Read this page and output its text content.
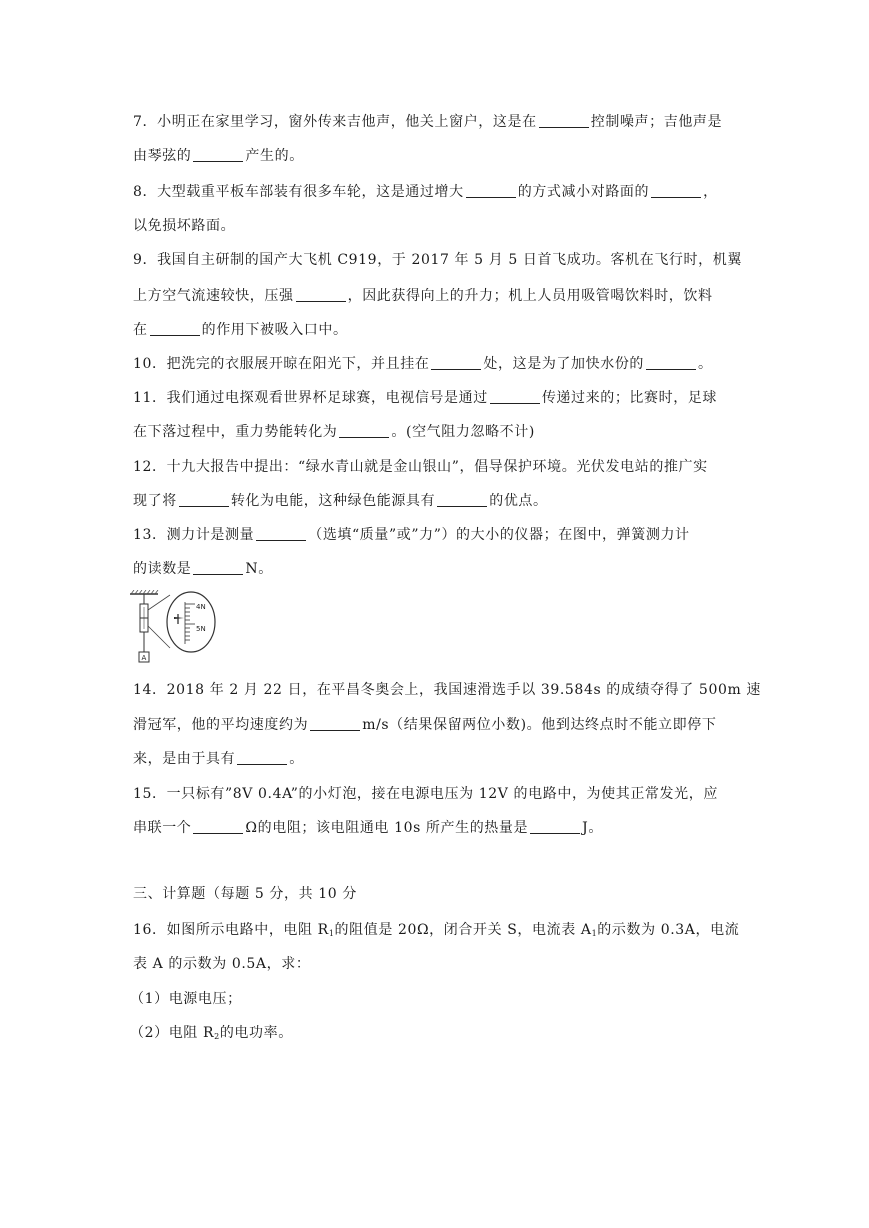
7．小明正在家里学习，窗外传来吉他声，他关上窗户，这是在	控制噪声；吉他声是
由琴弦的	产生的。
8．大型载重平板车部装有很多车轮，这是通过增大	的方式减小对路面的	，
以免损坏路面。
9．我国自主研制的国产大飞机 C919，于 2017 年 5 月 5 日首飞成功。客机在飞行时，机翼
上方空气流速较快，压强	，因此获得向上的升力；机上人员用吸管喝饮料时，饮料
在	的作用下被吸入口中。
10．把洗完的衣服展开晾在阳光下，并且挂在	处，这是为了加快水份的	。
11．我们通过电探观看世界杯足球赛，电视信号是通过	传递过来的；比赛时，足球
在下落过程中，重力势能转化为	。(空气阻力忽略不计)
12．十九大报告中提出：“绿水青山就是金山银山”，倡导保护环境。光伏发电站的推广实
现了将	转化为电能，这种绿色能源具有	的优点。
13．测力计是测量	（选填“质量”或”力”）的大小的仪器；在图中，弹簧测力计
的读数是	N。
4N
5N
A
14．2018 年 2 月 22 日，在平昌冬奥会上，我国速滑选手以 39.584s 的成绩夺得了 500m 速
滑冠军，他的平均速度约为	m/s（结果保留两位小数)。他到达终点时不能立即停下
来，是由于具有	。
15．一只标有”8V 0.4A”的小灯泡，接在电源电压为 12V 的电路中，为使其正常发光，应
串联一个	Ω的电阻；该电阻通电 10s 所产生的热量是	J。
三、计算题（每题 5 分，共 10 分
16．如图所示电路中，电阻 $R_1$的阻值是 20Ω，闭合开关 S，电流表 $A_1$的示数为 0.3A，电流
表 A 的示数为 0.5A，求：
（1）电源电压；
（2）电阻 $R_2$的电功率。
